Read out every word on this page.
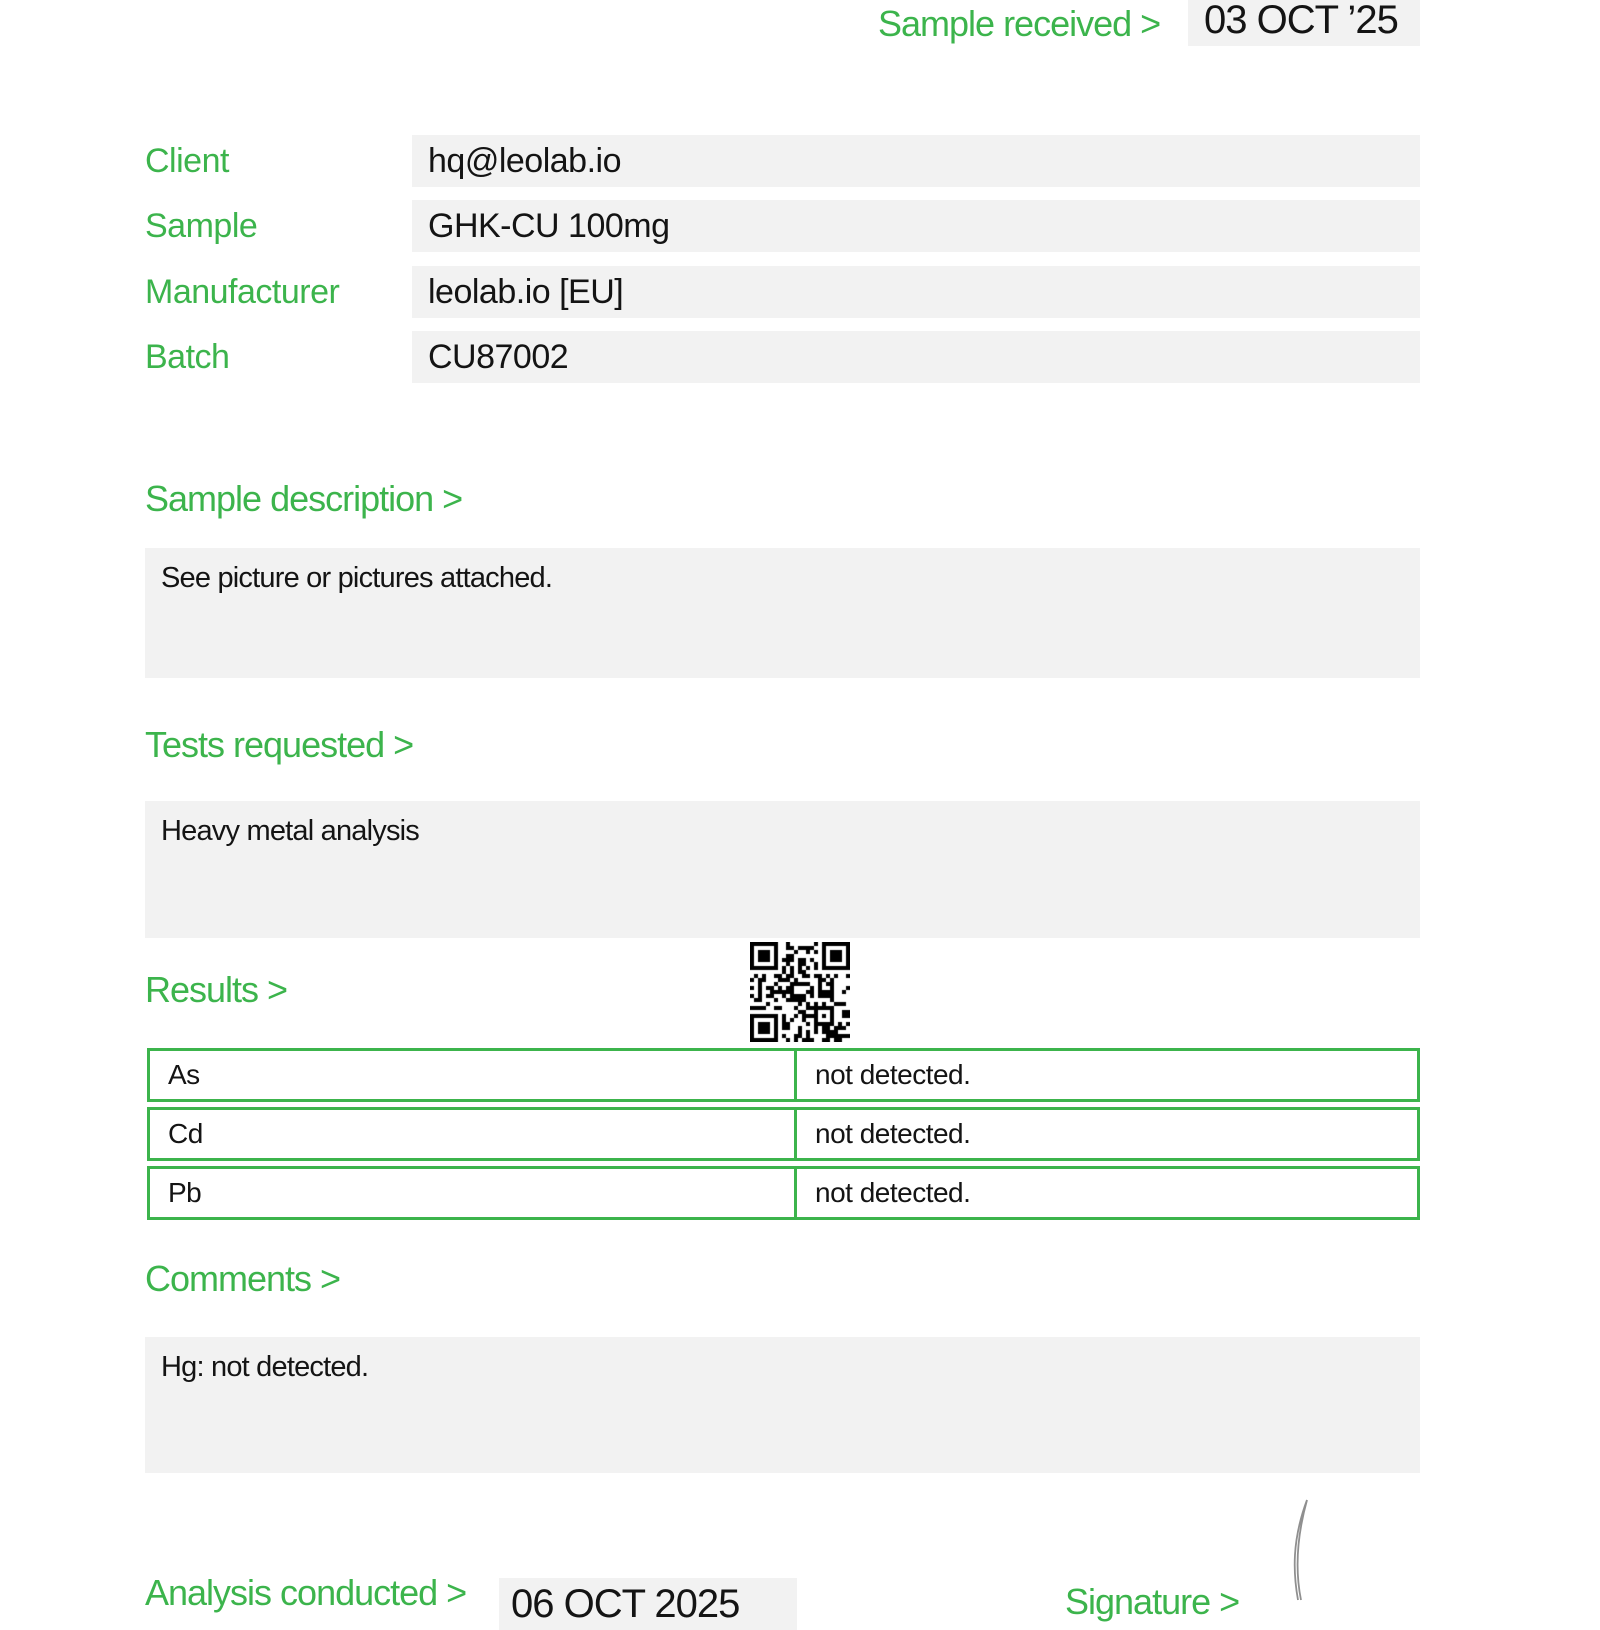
Sample received >	03 OCT ’25
Client	hq@leolab.io
Sample	GHK-CU 100mg
Manufacturer	leolab.io [EU]
Batch	CU87002
Sample description >
See picture or pictures attached.
Tests requested >
Heavy metal analysis
Results >
As	not detected.
Cd	not detected.
Pb	not detected.
Comments >
Hg: not detected.
Analysis conducted >	06 OCT 2025	Signature >
